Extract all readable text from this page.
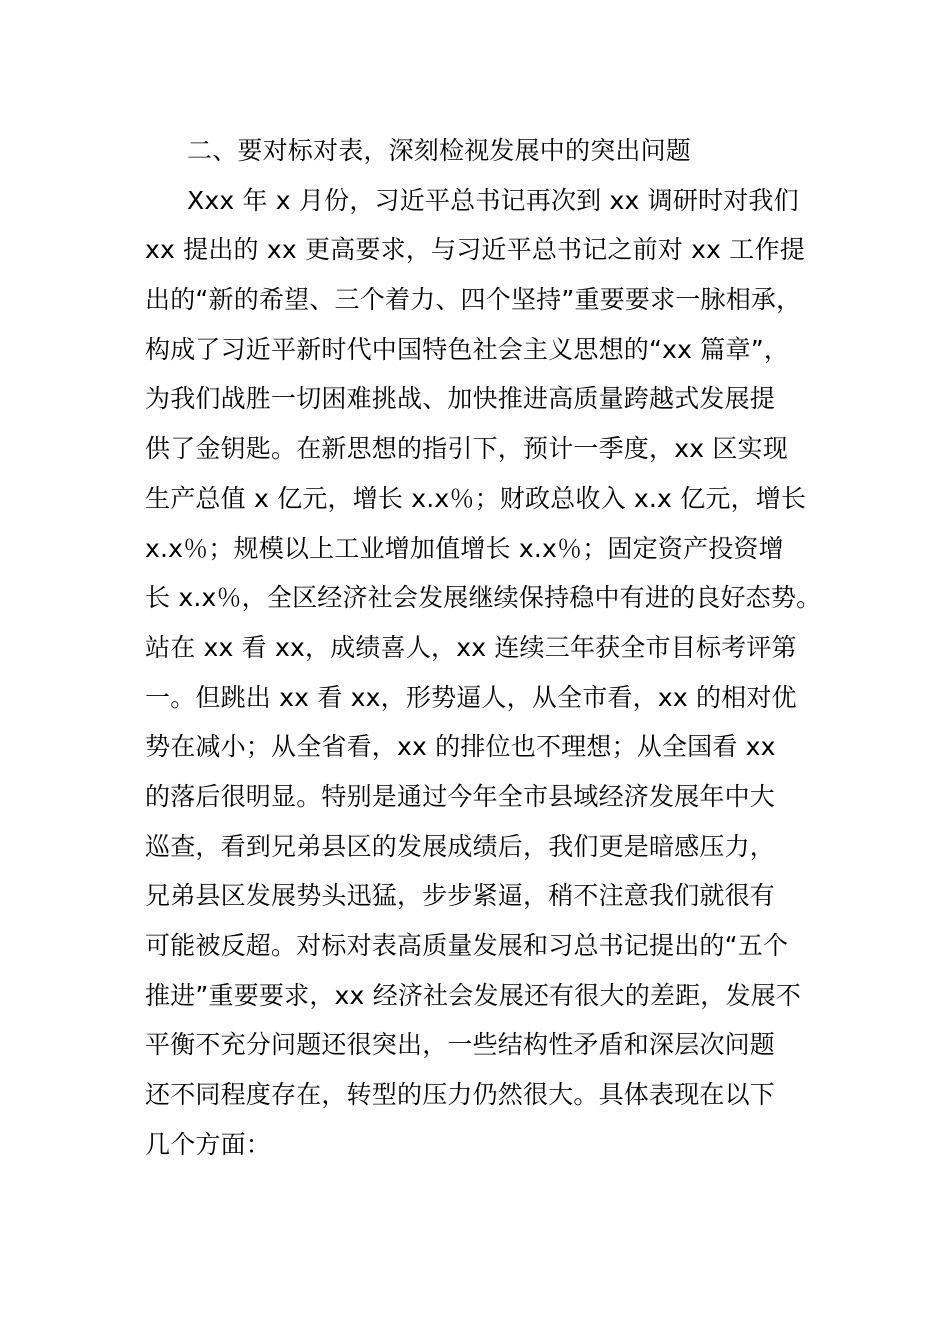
二、要对标对表，深刻检视发展中的突出问题
Xxx 年 x 月份，习近平总书记再次到 xx 调研时对我们
xx 提出的 xx 更高要求，与习近平总书记之前对 xx 工作提
出的“新的希望、三个着力、四个坚持”重要要求一脉相承，
构成了习近平新时代中国特色社会主义思想的“xx 篇章”，
为我们战胜一切困难挑战、加快推进高质量跨越式发展提
供了金钥匙。在新思想的指引下，预计一季度，xx 区实现
生产总值 x 亿元，增长 x.x％；财政总收入 x.x 亿元，增长
x.x％；规模以上工业增加值增长 x.x％；固定资产投资增
长 x.x％，全区经济社会发展继续保持稳中有进的良好态势。
站在 xx 看 xx，成绩喜人，xx 连续三年获全市目标考评第
一。但跳出 xx 看 xx，形势逼人，从全市看，xx 的相对优
势在减小；从全省看，xx 的排位也不理想；从全国看 xx
的落后很明显。特别是通过今年全市县域经济发展年中大
巡查，看到兄弟县区的发展成绩后，我们更是暗感压力，
兄弟县区发展势头迅猛，步步紧逼，稍不注意我们就很有
可能被反超。对标对表高质量发展和习总书记提出的“五个
推进”重要要求，xx 经济社会发展还有很大的差距，发展不
平衡不充分问题还很突出，一些结构性矛盾和深层次问题
还不同程度存在，转型的压力仍然很大。具体表现在以下
几个方面：
